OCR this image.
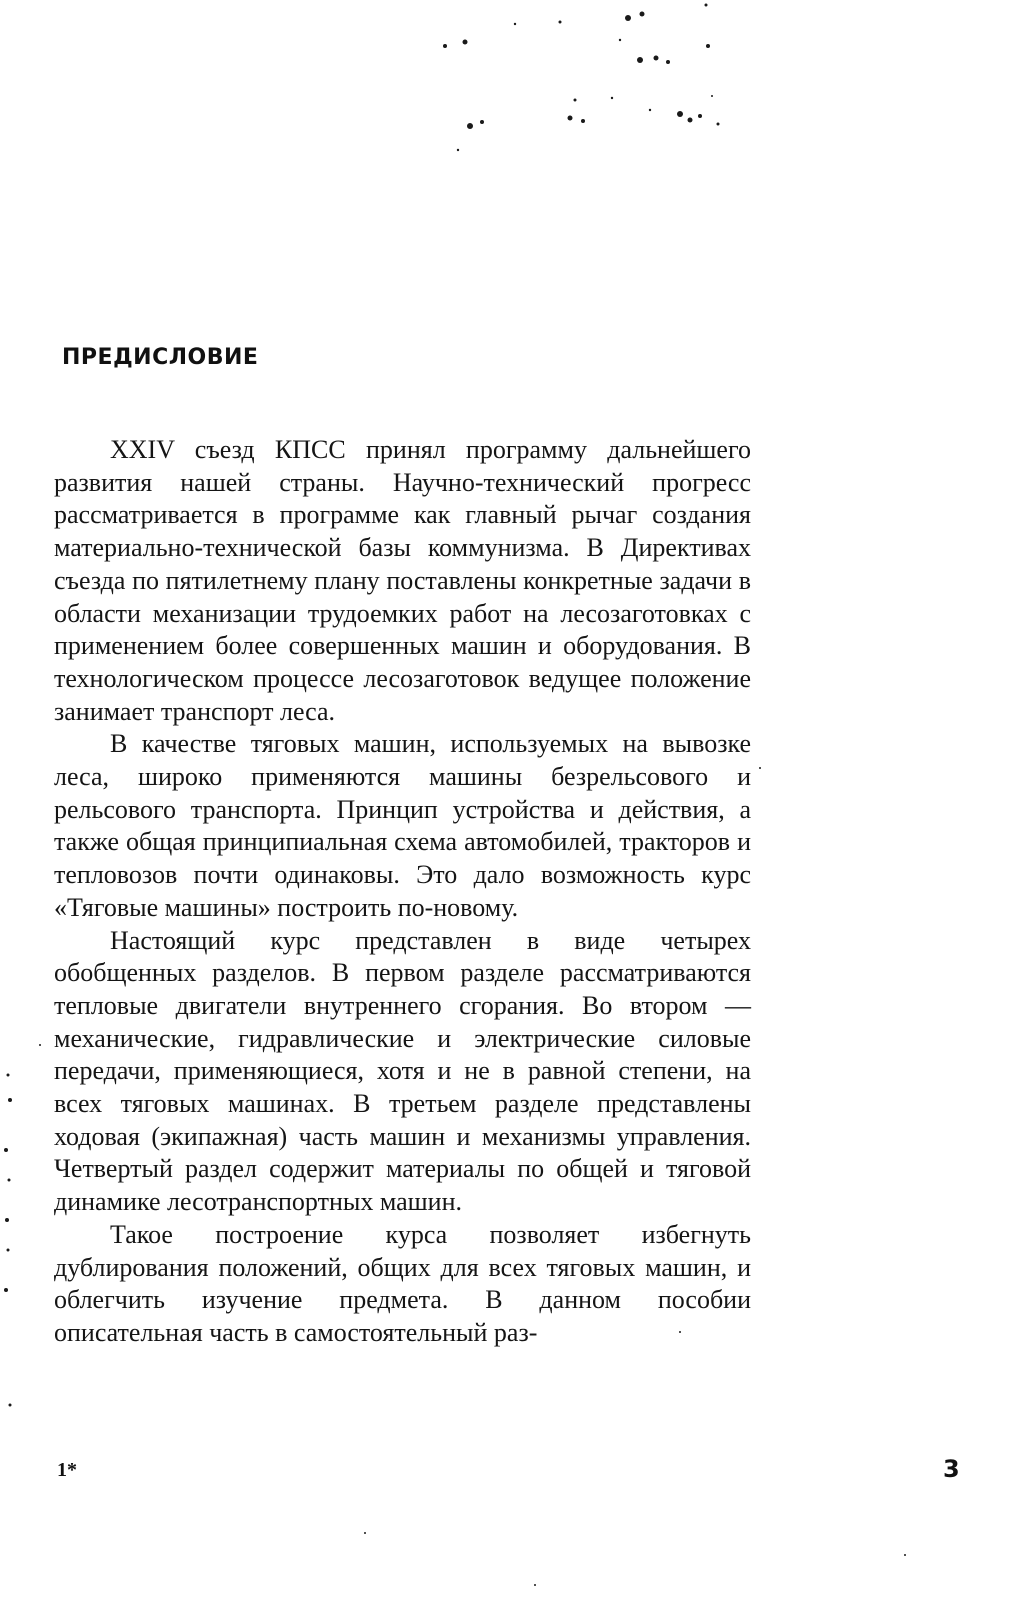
ПРЕДИСЛОВИЕ

XXIV съезд КПСС принял программу дальнейшего развития нашей страны. Научно-технический прогресс рассматривается в программе как главный рычаг создания материально-технической базы коммунизма. В Директивах съезда по пятилетнему плану поставлены конкретные задачи в области механизации трудоемких работ на лесозаготовках с применением более совершенных машин и оборудования. В технологическом процессе лесозаготовок ведущее положение занимает транспорт леса.

В качестве тяговых машин, используемых на вывозке леса, широко применяются машины безрельсового и рельсового транспорта. Принцип устройства и действия, а также общая принципиальная схема автомобилей, тракторов и тепловозов почти одинаковы. Это дало возможность курс «Тяговые машины» построить по-новому.

Настоящий курс представлен в виде четырех обобщенных разделов. В первом разделе рассматриваются тепловые двигатели внутреннего сгорания. Во втором — механические, гидравлические и электрические силовые передачи, применяющиеся, хотя и не в равной степени, на всех тяговых машинах. В третьем разделе представлены ходовая (экипажная) часть машин и механизмы управления. Четвертый раздел содержит материалы по общей и тяговой динамике лесотранспортных машин.

Такое построение курса позволяет избегнуть дублирования положений, общих для всех тяговых машин, и облегчить изучение предмета. В данном пособии описательная часть в самостоятельный раз-

1*	3
